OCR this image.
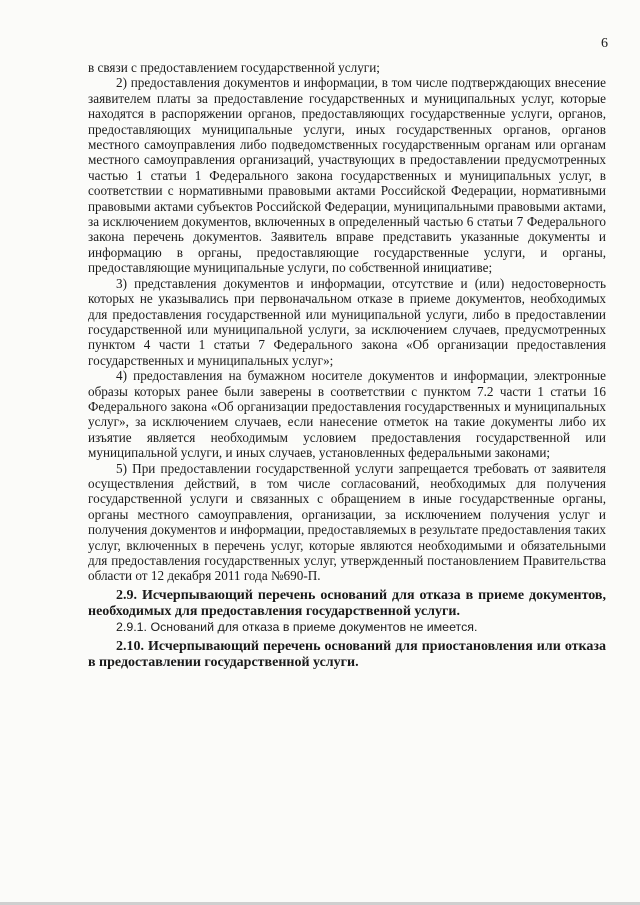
6

в связи с предоставлением государственной услуги;

2) предоставления документов и информации, в том числе подтверждающих внесение заявителем платы за предоставление государственных и муниципальных услуг, которые находятся в распоряжении органов, предоставляющих государственные услуги, органов, предоставляющих муниципальные услуги, иных государственных органов, органов местного самоуправления либо подведомственных государственным органам или органам местного самоуправления организаций, участвующих в предоставлении предусмотренных частью 1 статьи 1 Федерального закона государственных и муниципальных услуг, в соответствии с нормативными правовыми актами Российской Федерации, нормативными правовыми актами субъектов Российской Федерации, муниципальными правовыми актами, за исключением документов, включенных в определенный частью 6 статьи 7 Федерального закона перечень документов. Заявитель вправе представить указанные документы и информацию в органы, предоставляющие государственные услуги, и органы, предоставляющие муниципальные услуги, по собственной инициативе;

3) представления документов и информации, отсутствие и (или) недостоверность которых не указывались при первоначальном отказе в приеме документов, необходимых для предоставления государственной или муниципальной услуги, либо в предоставлении государственной или муниципальной услуги, за исключением случаев, предусмотренных пунктом 4 части 1 статьи 7 Федерального закона «Об организации предоставления государственных и муниципальных услуг»;

4) предоставления на бумажном носителе документов и информации, электронные образы которых ранее были заверены в соответствии с пунктом 7.2 части 1 статьи 16 Федерального закона «Об организации предоставления государственных и муниципальных услуг», за исключением случаев, если нанесение отметок на такие документы либо их изъятие является необходимым условием предоставления государственной или муниципальной услуги, и иных случаев, установленных федеральными законами;

5) При предоставлении государственной услуги запрещается требовать от заявителя осуществления действий, в том числе согласований, необходимых для получения государственной услуги и связанных с обращением в иные государственные органы, органы местного самоуправления, организации, за исключением получения услуг и получения документов и информации, предоставляемых в результате предоставления таких услуг, включенных в перечень услуг, которые являются необходимыми и обязательными для предоставления государственных услуг, утвержденный постановлением Правительства области от 12 декабря 2011 года №690-П.

2.9. Исчерпывающий перечень оснований для отказа в приеме документов, необходимых для предоставления государственной услуги.

2.9.1. Оснований для отказа в приеме документов не имеется.

2.10. Исчерпывающий перечень оснований для приостановления или отказа в предоставлении государственной услуги.
